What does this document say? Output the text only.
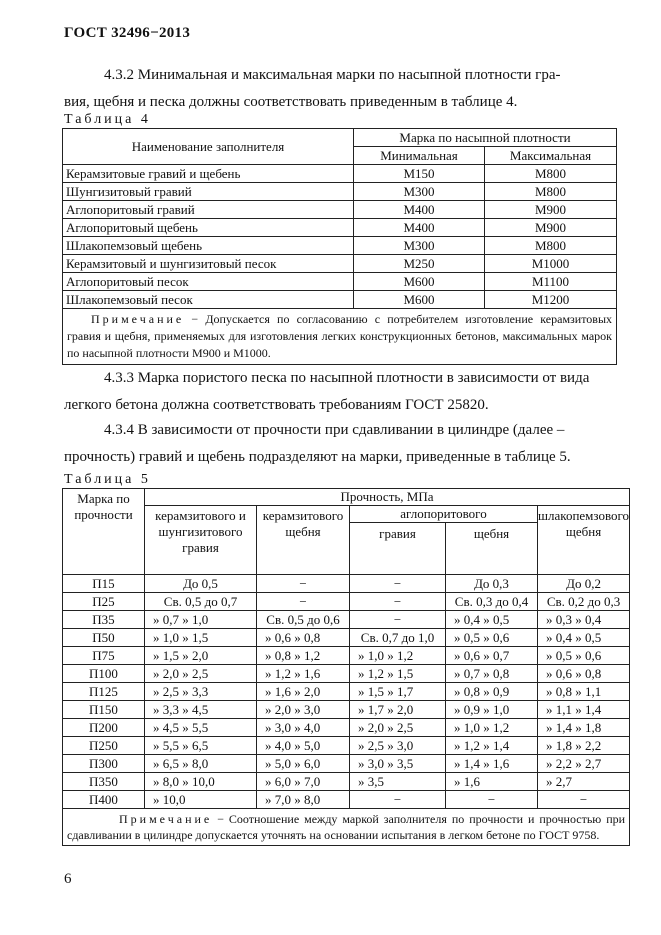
ГОСТ 32496−2013

4.3.2 Минимальная и максимальная марки по насыпной плотности гра-
вия, щебня и песка должны соответствовать приведенным в таблице 4.

Таблица 4
Наименование заполнителя	Марка по насыпной плотности	
	Минимальная	Максимальная
Керамзитовые гравий и щебень	М150	М800
Шунгизитовый гравий	М300	М800
Аглопоритовый гравий	М400	М900
Аглопоритовый щебень	М400	М900
Шлакопемзовый щебень	М300	М800
Керамзитовый и шунгизитовый песок	М250	М1000
Аглопоритовый песок	М600	М1100
Шлакопемзовый песок	М600	М1200
Примечание − Допускается по согласованию с потребителем изготовление керамзитовых гравия и щебня, применяемых для изготовления легких конструкционных бетонов, максимальных марок по насыпной плотности М900 и М1000.		

4.3.3 Марка пористого песка по насыпной плотности в зависимости от вида
легкого бетона должна соответствовать требованиям ГОСТ 25820.

4.3.4 В зависимости от прочности при сдавливании в цилиндре (далее –
прочность) гравий и щебень подразделяют на марки, приведенные в таблице 5.

Таблица 5
Марка по прочности	Прочность, МПа				
	керамзитового и шунгизитового гравия	керамзитового щебня	аглопоритового		шлакопемзового щебня
			гравия	щебня	
П15	До 0,5	−	−	До 0,3	До 0,2
П25	Св. 0,5 до 0,7	−	−	Св. 0,3 до 0,4	Св. 0,2 до 0,3
П35	» 0,7 » 1,0	Св. 0,5 до 0,6	−	» 0,4 » 0,5	» 0,3 » 0,4
П50	» 1,0 » 1,5	» 0,6 » 0,8	Св. 0,7 до 1,0	» 0,5 » 0,6	» 0,4 » 0,5
П75	» 1,5 » 2,0	» 0,8 » 1,2	» 1,0 » 1,2	» 0,6 » 0,7	» 0,5 » 0,6
П100	» 2,0 » 2,5	» 1,2 » 1,6	» 1,2 » 1,5	» 0,7 » 0,8	» 0,6 » 0,8
П125	» 2,5 » 3,3	» 1,6 » 2,0	» 1,5 » 1,7	» 0,8 » 0,9	» 0,8 » 1,1
П150	» 3,3 » 4,5	» 2,0 » 3,0	» 1,7 » 2,0	» 0,9 » 1,0	» 1,1 » 1,4
П200	» 4,5 » 5,5	» 3,0 » 4,0	» 2,0 » 2,5	» 1,0 » 1,2	» 1,4 » 1,8
П250	» 5,5 » 6,5	» 4,0 » 5,0	» 2,5 » 3,0	» 1,2 » 1,4	» 1,8 » 2,2
П300	» 6,5 » 8,0	» 5,0 » 6,0	» 3,0 » 3,5	» 1,4 » 1,6	» 2,2 » 2,7
П350	» 8,0 » 10,0	» 6,0 » 7,0	» 3,5	» 1,6	» 2,7
П400	» 10,0	» 7,0 » 8,0	−	−	−
Примечание − Соотношение между маркой заполнителя по прочности и прочностью при сдавливании в цилиндре допускается уточнять на основании испытания в легком бетоне по ГОСТ 9758.					
6
